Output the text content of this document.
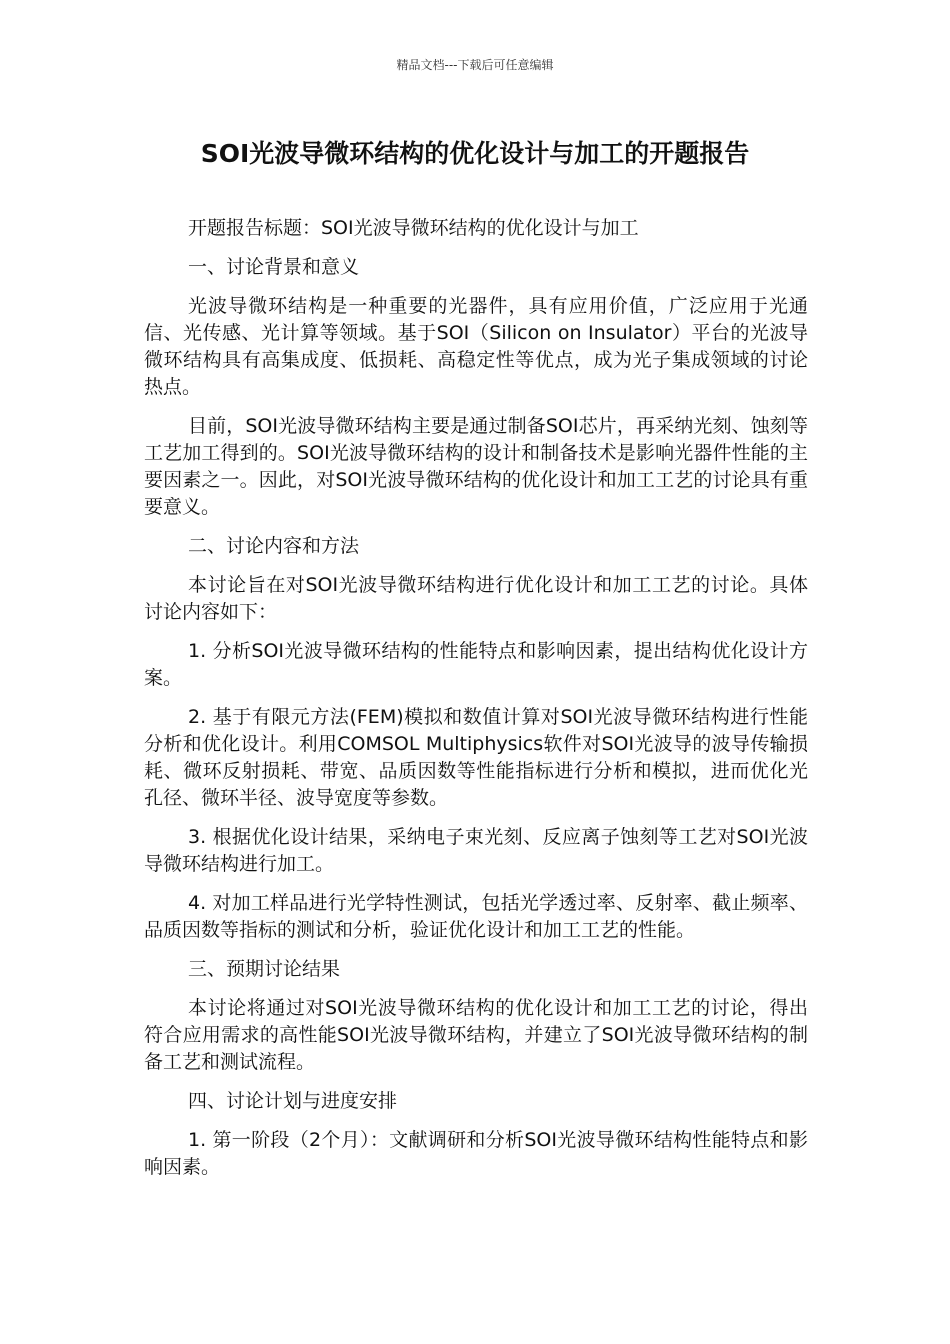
精品文档---下载后可任意编辑
SOI光波导微环结构的优化设计与加工的开题报告

开题报告标题：SOI光波导微环结构的优化设计与加工

一、讨论背景和意义

光波导微环结构是一种重要的光器件，具有应用价值，广泛应用于光通信、光传感、光计算等领域。基于SOI（Silicon on Insulator）平台的光波导微环结构具有高集成度、低损耗、高稳定性等优点，成为光子集成领域的讨论热点。

目前，SOI光波导微环结构主要是通过制备SOI芯片，再采纳光刻、蚀刻等工艺加工得到的。SOI光波导微环结构的设计和制备技术是影响光器件性能的主要因素之一。因此，对SOI光波导微环结构的优化设计和加工工艺的讨论具有重要意义。

二、讨论内容和方法

本讨论旨在对SOI光波导微环结构进行优化设计和加工工艺的讨论。具体讨论内容如下：

1. 分析SOI光波导微环结构的性能特点和影响因素，提出结构优化设计方案。

2. 基于有限元方法(FEM)模拟和数值计算对SOI光波导微环结构进行性能分析和优化设计。利用COMSOL Multiphysics软件对SOI光波导的波导传输损耗、微环反射损耗、带宽、品质因数等性能指标进行分析和模拟，进而优化光孔径、微环半径、波导宽度等参数。

3. 根据优化设计结果，采纳电子束光刻、反应离子蚀刻等工艺对SOI光波导微环结构进行加工。

4. 对加工样品进行光学特性测试，包括光学透过率、反射率、截止频率、品质因数等指标的测试和分析，验证优化设计和加工工艺的性能。

三、预期讨论结果

本讨论将通过对SOI光波导微环结构的优化设计和加工工艺的讨论，得出符合应用需求的高性能SOI光波导微环结构，并建立了SOI光波导微环结构的制备工艺和测试流程。

四、讨论计划与进度安排

1. 第一阶段（2个月）：文献调研和分析SOI光波导微环结构性能特点和影响因素。
